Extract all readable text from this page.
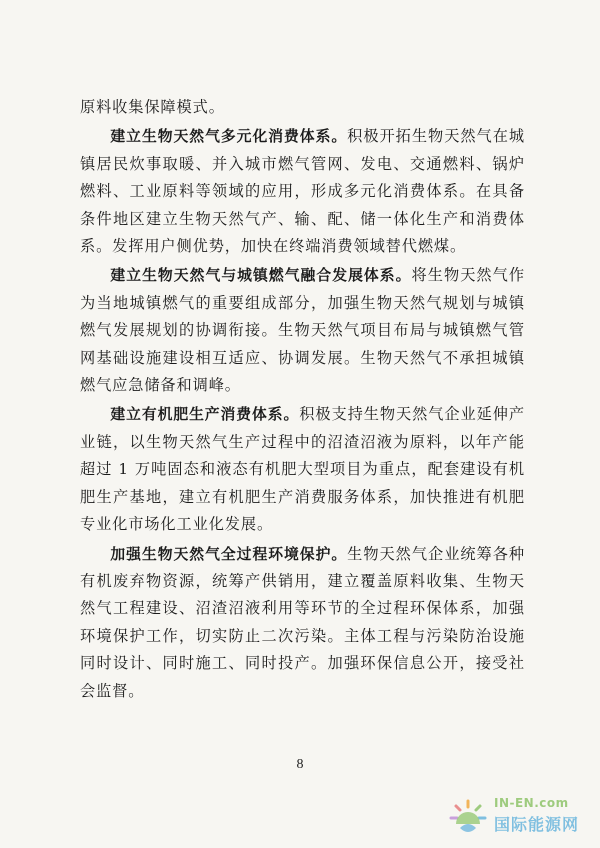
原料收集保障模式。

建立生物天然气多元化消费体系。积极开拓生物天然气在城镇居民炊事取暖、并入城市燃气管网、发电、交通燃料、锅炉燃料、工业原料等领域的应用，形成多元化消费体系。在具备条件地区建立生物天然气产、输、配、储一体化生产和消费体系。发挥用户侧优势，加快在终端消费领域替代燃煤。

建立生物天然气与城镇燃气融合发展体系。将生物天然气作为当地城镇燃气的重要组成部分，加强生物天然气规划与城镇燃气发展规划的协调衔接。生物天然气项目布局与城镇燃气管网基础设施建设相互适应、协调发展。生物天然气不承担城镇燃气应急储备和调峰。

建立有机肥生产消费体系。积极支持生物天然气企业延伸产业链，以生物天然气生产过程中的沼渣沼液为原料，以年产能超过 1 万吨固态和液态有机肥大型项目为重点，配套建设有机肥生产基地，建立有机肥生产消费服务体系，加快推进有机肥专业化市场化工业化发展。

加强生物天然气全过程环境保护。生物天然气企业统筹各种有机废弃物资源，统筹产供销用，建立覆盖原料收集、生物天然气工程建设、沼渣沼液利用等环节的全过程环保体系，加强环境保护工作，切实防止二次污染。主体工程与污染防治设施同时设计、同时施工、同时投产。加强环保信息公开，接受社会监督。

8
IN-EN.com
国际能源网
